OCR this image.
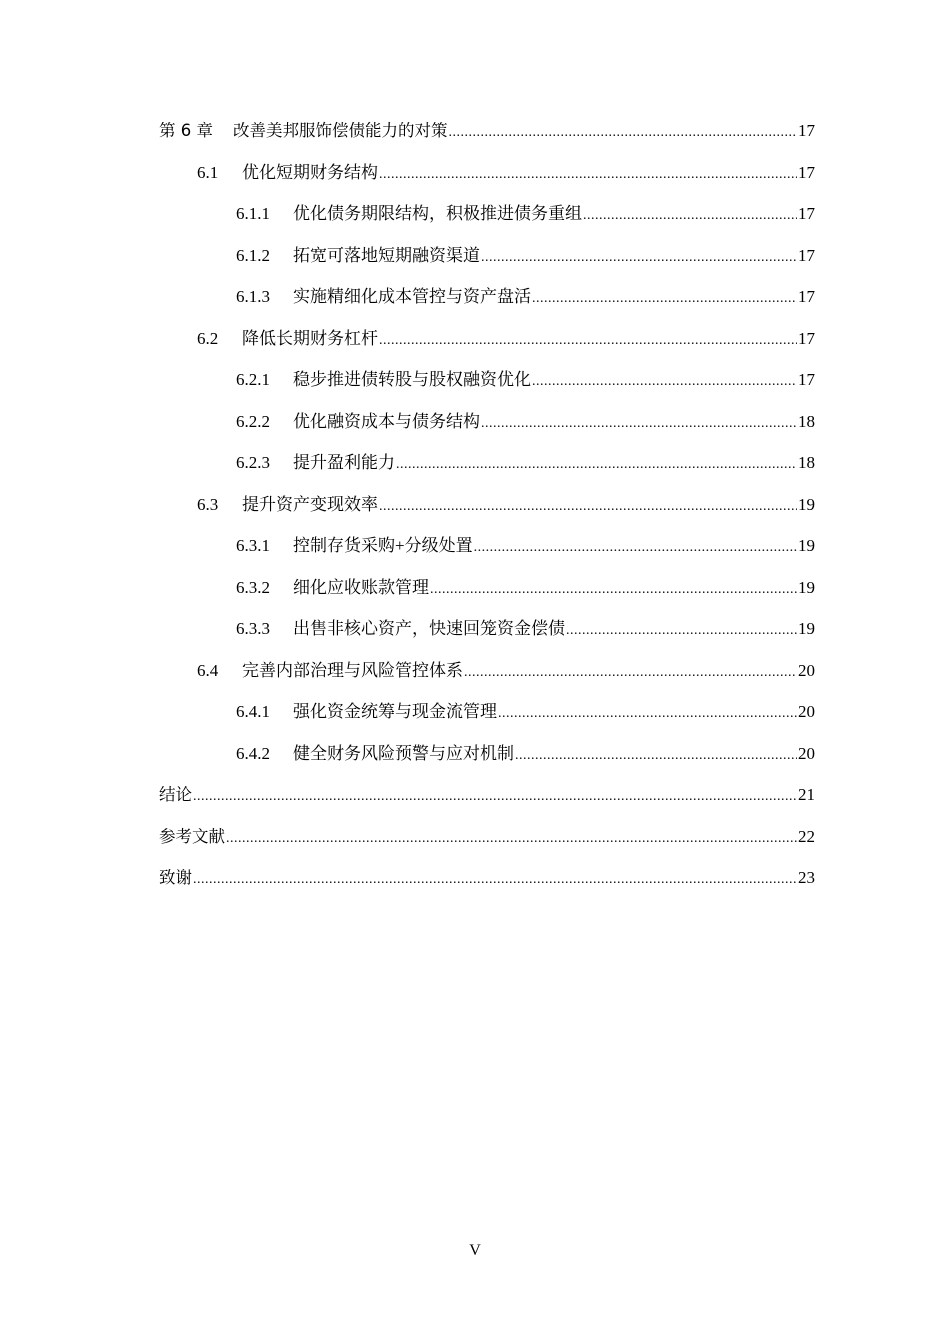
第 6 章	改善美邦服饰偿债能力的对策 .....	17
6.1	优化短期财务结构 .....	17
6.1.1	优化债务期限结构，积极推进债务重组 .....	17
6.1.2	拓宽可落地短期融资渠道 .....	17
6.1.3	实施精细化成本管控与资产盘活 .....	17
6.2	降低长期财务杠杆 .....	17
6.2.1	稳步推进债转股与股权融资优化 .....	17
6.2.2	优化融资成本与债务结构 .....	18
6.2.3	提升盈利能力 .....	18
6.3	提升资产变现效率 .....	19
6.3.1	控制存货采购+分级处置 .....	19
6.3.2	细化应收账款管理 .....	19
6.3.3	出售非核心资产，快速回笼资金偿债 .....	19
6.4	完善内部治理与风险管控体系 .....	20
6.4.1	强化资金统筹与现金流管理 .....	20
6.4.2	健全财务风险预警与应对机制 .....	20
结论 .....	21
参考文献 .....	22
致谢 .....	23
V
